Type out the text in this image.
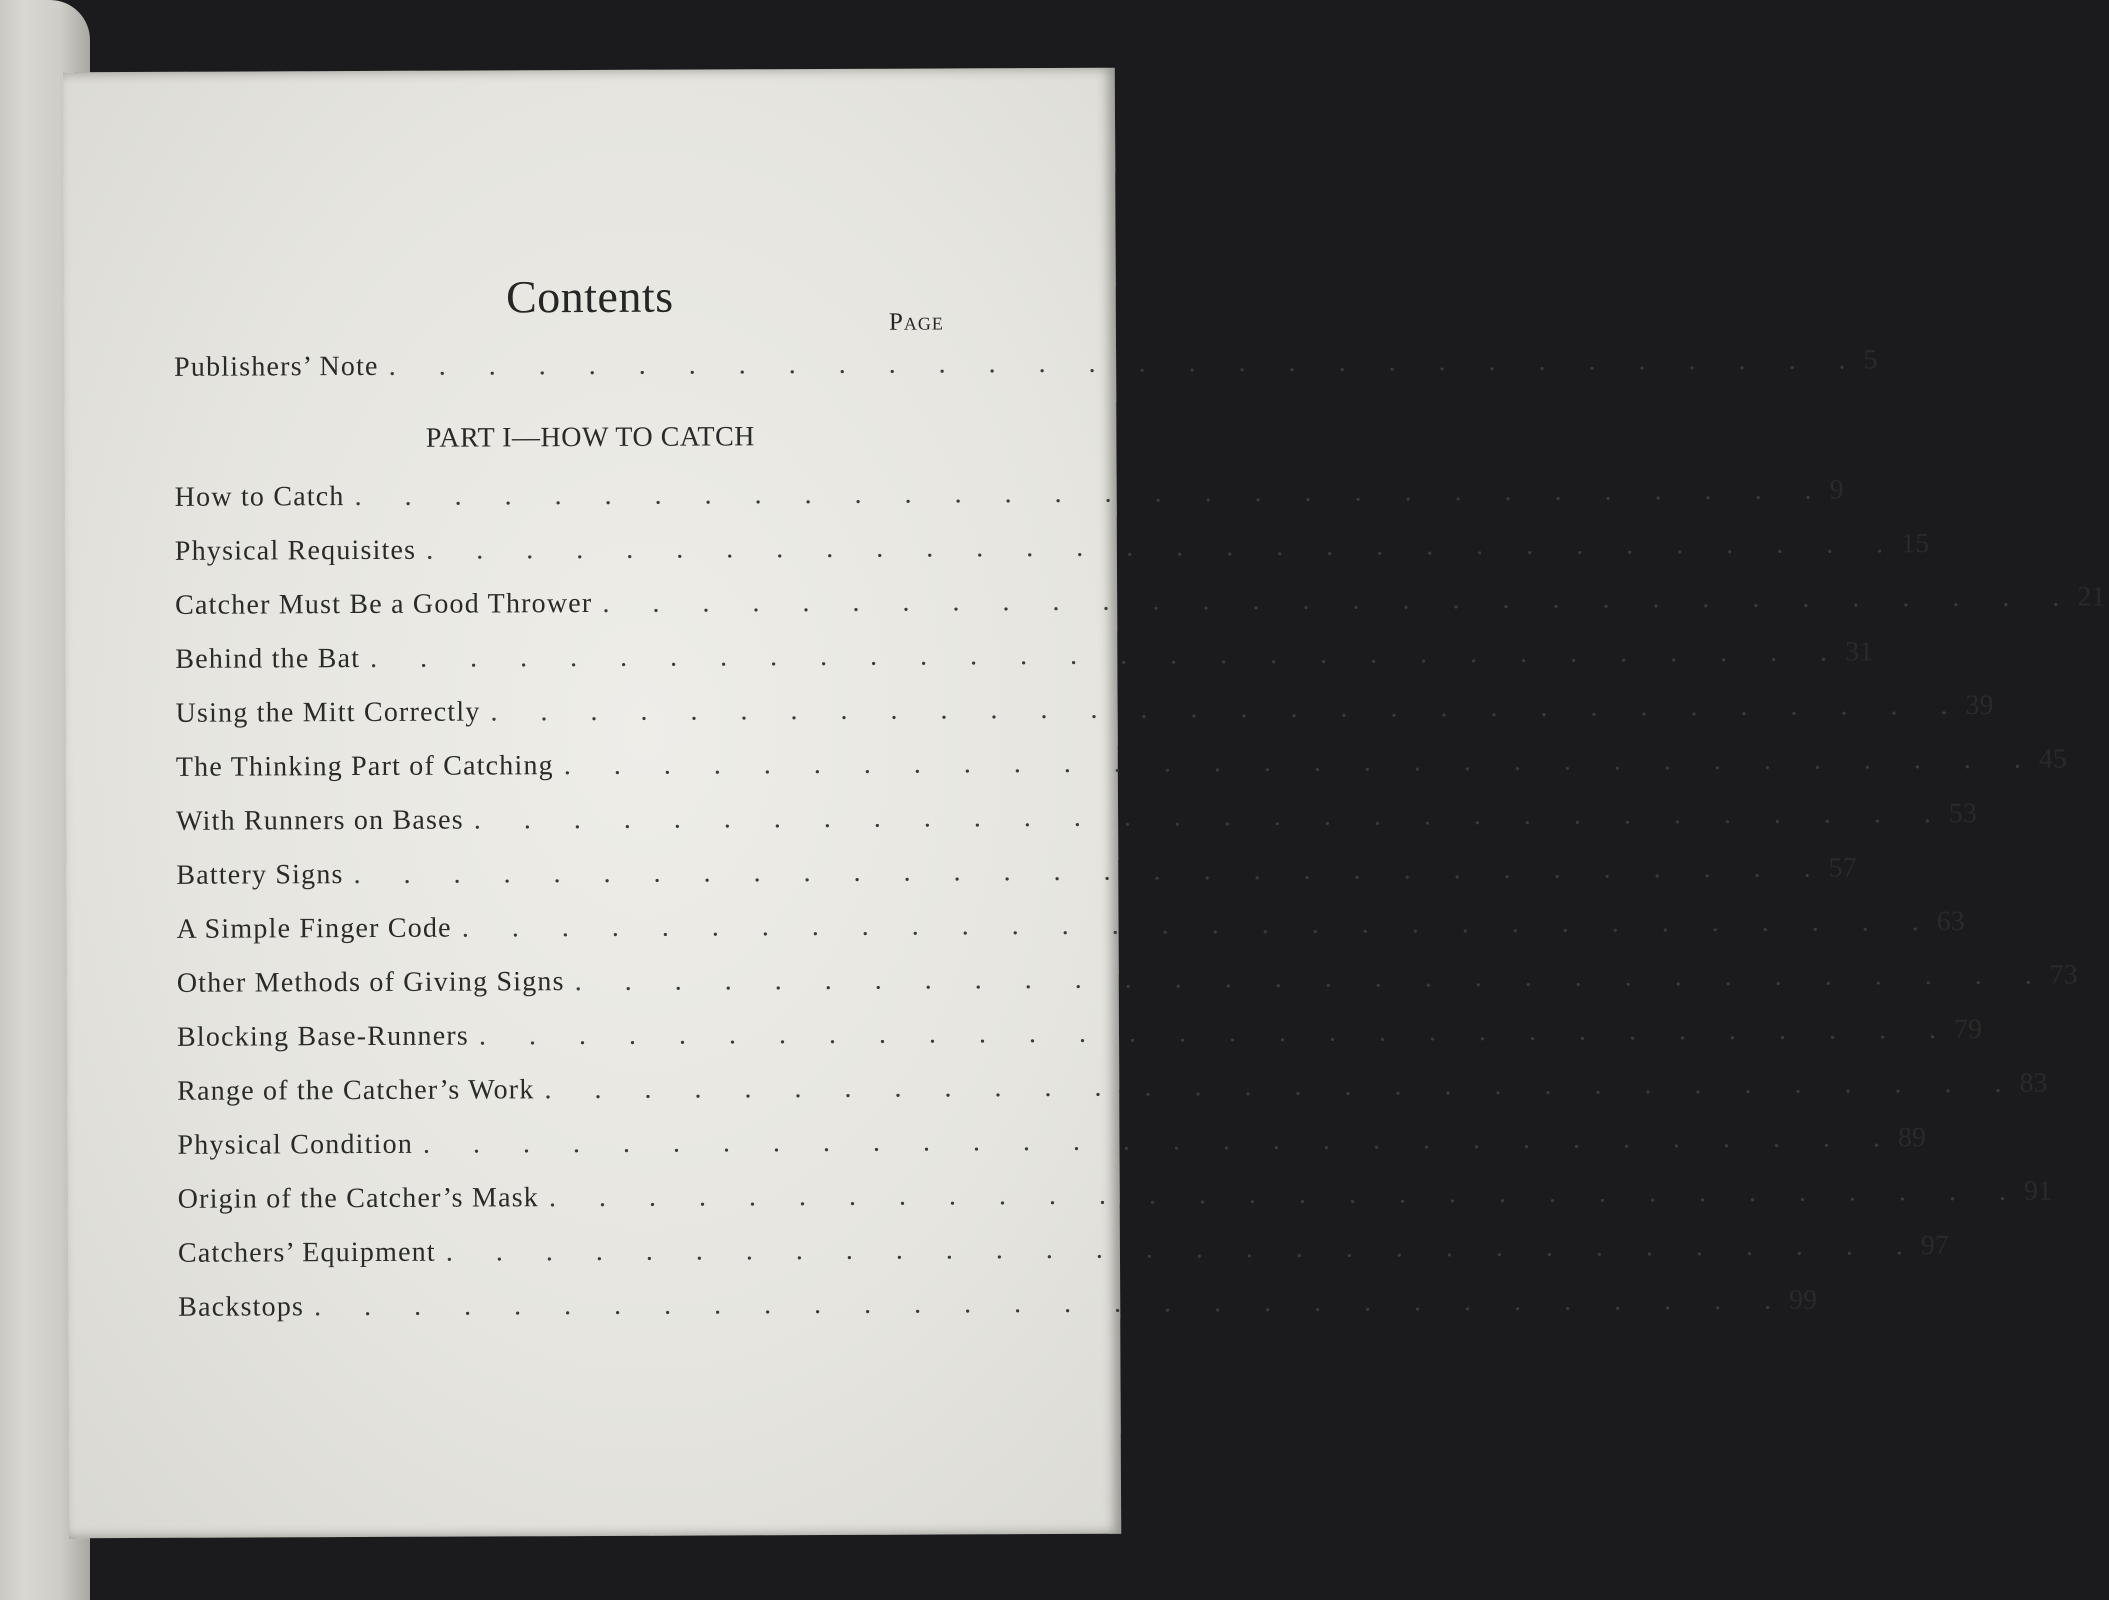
Contents	Page
Publishers’ Note . . . . . . . . . . . . . . . . . . . . . . . . . . . . . . 5
PART I—HOW TO CATCH
How to Catch . . . . . . . . . . . . . . . . . . . . . . . . . . . . . . 9
Physical Requisites . . . . . . . . . . . . . . . . . . . . . . . . . . . . . . 15
Catcher Must Be a Good Thrower . . . . . . . . . . . . . . . . . . . . . . . . . . . . . . 21
Behind the Bat . . . . . . . . . . . . . . . . . . . . . . . . . . . . . . 31
Using the Mitt Correctly . . . . . . . . . . . . . . . . . . . . . . . . . . . . . . 39
The Thinking Part of Catching . . . . . . . . . . . . . . . . . . . . . . . . . . . . . . 45
With Runners on Bases . . . . . . . . . . . . . . . . . . . . . . . . . . . . . . 53
Battery Signs . . . . . . . . . . . . . . . . . . . . . . . . . . . . . . 57
A Simple Finger Code . . . . . . . . . . . . . . . . . . . . . . . . . . . . . . 63
Other Methods of Giving Signs . . . . . . . . . . . . . . . . . . . . . . . . . . . . . . 73
Blocking Base-Runners . . . . . . . . . . . . . . . . . . . . . . . . . . . . . . 79
Range of the Catcher’s Work . . . . . . . . . . . . . . . . . . . . . . . . . . . . . . 83
Physical Condition . . . . . . . . . . . . . . . . . . . . . . . . . . . . . . 89
Origin of the Catcher’s Mask . . . . . . . . . . . . . . . . . . . . . . . . . . . . . . 91
Catchers’ Equipment . . . . . . . . . . . . . . . . . . . . . . . . . . . . . . 97
Backstops . . . . . . . . . . . . . . . . . . . . . . . . . . . . . . 99
